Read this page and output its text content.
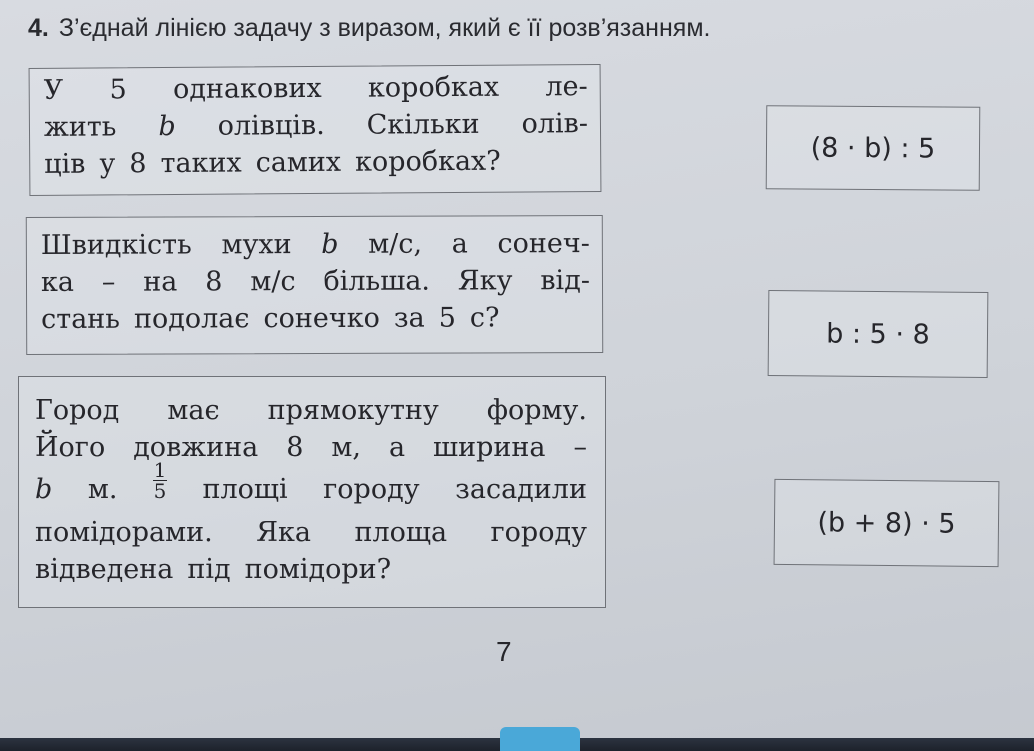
4. З’єднай лінією задачу з виразом, який є її розв’язанням.
У 5 однакових коробках ле-
жить b олівців. Скільки олів-
ців у 8 таких самих коробках?
Швидкість мухи b м/с, а сонеч-
ка – на 8 м/с більша. Яку від-
стань подолає сонечко за 5 с?
Город має прямокутну форму.
Його довжина 8 м, а ширина –
b м. $\frac{1}{5}$ площі городу засадили
помідорами. Яка площа городу
відведена під помідори?
(8 · b) : 5
b : 5 · 8
(b + 8) · 5
7
